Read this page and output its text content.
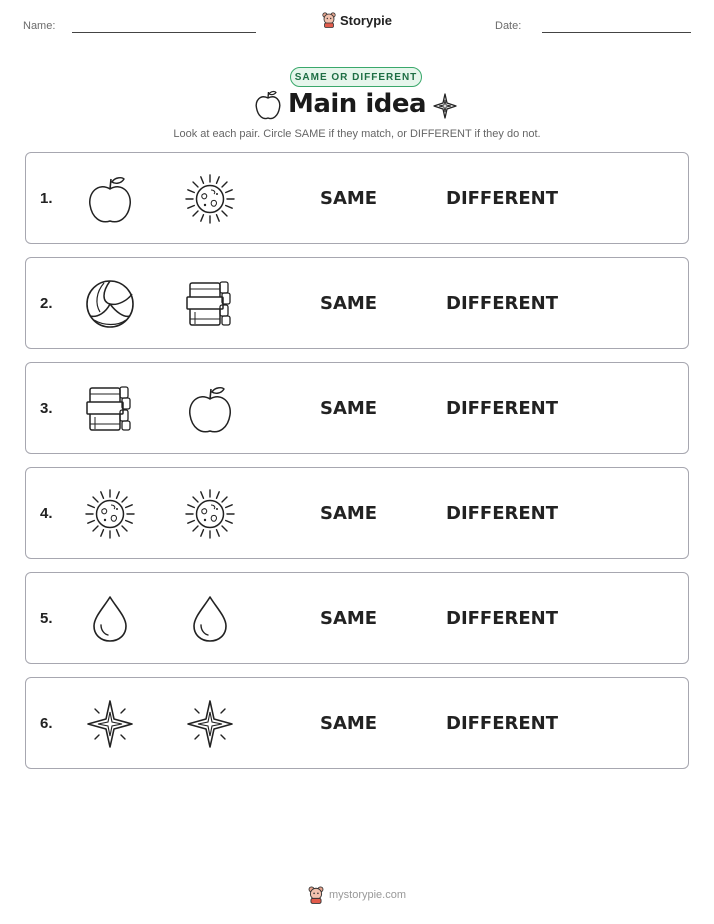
Name:	Storypie	Date:
SAME OR DIFFERENT
Main idea
Look at each pair. Circle SAME if they match, or DIFFERENT if they do not.
1.	SAME	DIFFERENT
2.	SAME	DIFFERENT
3.	SAME	DIFFERENT
4.	SAME	DIFFERENT
5.	SAME	DIFFERENT
6.	SAME	DIFFERENT
mystorypie.com
